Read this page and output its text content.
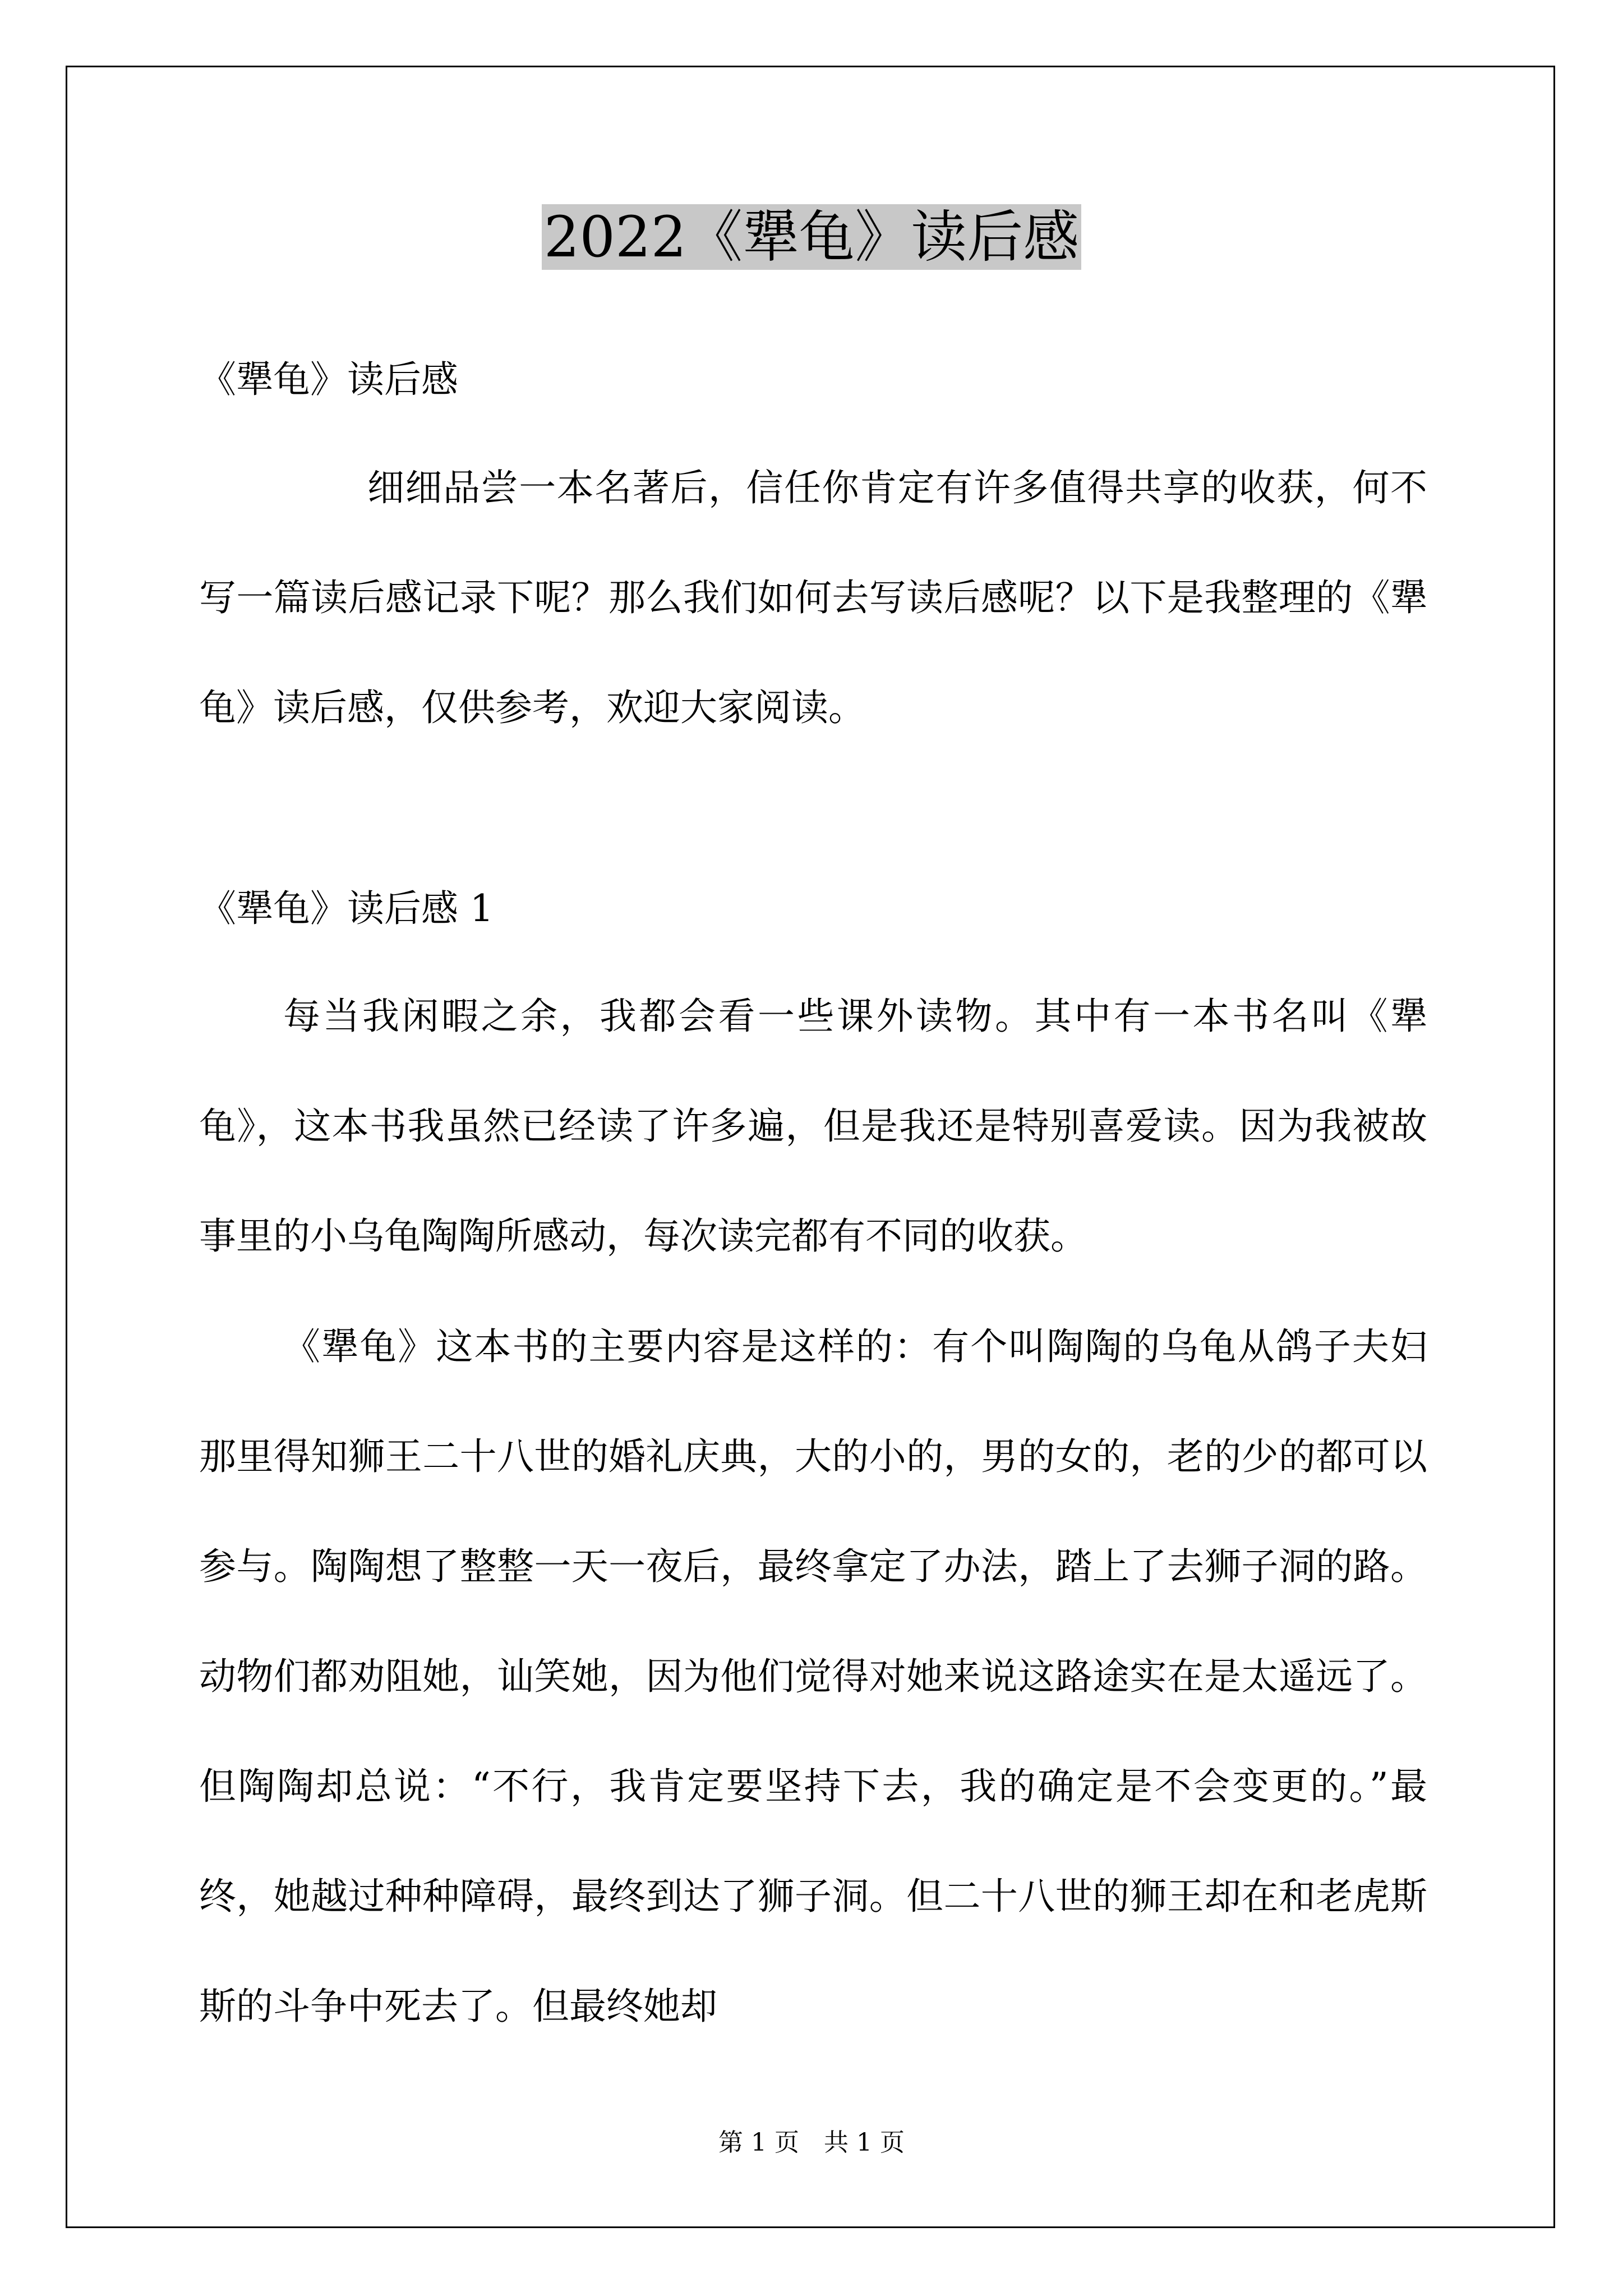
2022《犟龟》读后感

《犟龟》读后感

细细品尝一本名著后，信任你肯定有许多值得共享的收获，何不写一篇读后感记录下呢？那么我们如何去写读后感呢？以下是我整理的《犟龟》读后感，仅供参考，欢迎大家阅读。

《犟龟》读后感 1

每当我闲暇之余，我都会看一些课外读物。其中有一本书名叫《犟龟》，这本书我虽然已经读了许多遍，但是我还是特别喜爱读。因为我被故事里的小乌龟陶陶所感动，每次读完都有不同的收获。

《犟龟》这本书的主要内容是这样的：有个叫陶陶的乌龟从鸽子夫妇那里得知狮王二十八世的婚礼庆典，大的小的，男的女的，老的少的都可以参与。陶陶想了整整一天一夜后，最终拿定了办法，踏上了去狮子洞的路。动物们都劝阻她，讪笑她，因为他们觉得对她来说这路途实在是太遥远了。但陶陶却总说：“不行，我肯定要坚持下去，我的确定是不会变更的。”最终，她越过种种障碍，最终到达了狮子洞。但二十八世的狮王却在和老虎斯斯的斗争中死去了。但最终她却

第 1 页　共 1 页
